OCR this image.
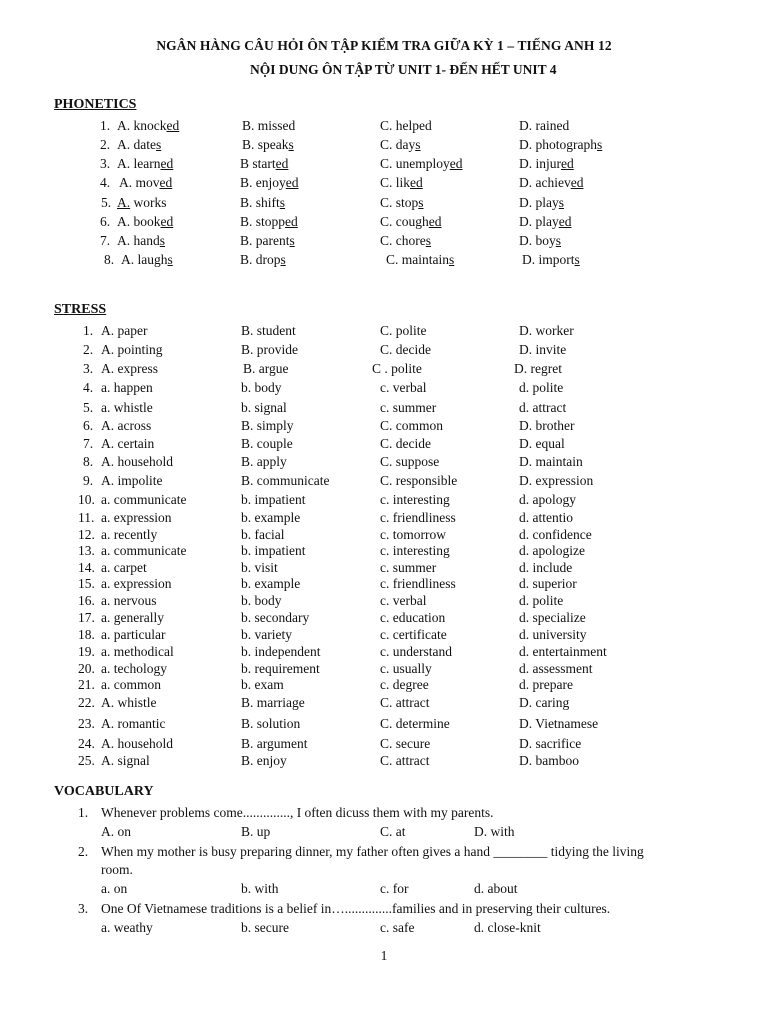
NGÂN HÀNG CÂU HỎI ÔN TẬP KIỂM TRA GIỮA KỲ 1 – TIẾNG ANH 12
NỘI DUNG ÔN TẬP TỪ UNIT 1- ĐẾN HẾT UNIT 4
PHONETICS
1. A. knocked	B. missed	C. helped	D. rained
2. A. dates	B. speaks	C. days	D. photographs
3. A. learned	B started	C. unemployed	D. injured
4. A. moved	B. enjoyed	C. liked	D. achieved
5. A. works	B. shifts	C. stops	D. plays
6. A. booked	B. stopped	C. coughed	D. played
7. A. hands	B. parents	C. chores	D. boys
8. A. laughs	B. drops	C. maintains	D. imports
STRESS
1. A. paper	B. student	C. polite	D. worker
2. A. pointing	B. provide	C. decide	D. invite
3. A. express	B. argue	C . polite	D. regret
4. a. happen	b. body	c. verbal	d. polite
5. a. whistle	b. signal	c. summer	d. attract
6. A. across	B. simply	C. common	D. brother
7. A. certain	B. couple	C. decide	D. equal
8. A. household	B. apply	C. suppose	D. maintain
9. A. impolite	B. communicate	C. responsible	D. expression
10. a. communicate	b. impatient	c. interesting	d. apology
11. a. expression	b. example	c. friendliness	d. attentio
12. a. recently	b. facial	c. tomorrow	d. confidence
13. a. communicate	b. impatient	c. interesting	d. apologize
14. a. carpet	b. visit	c. summer	d. include
15. a. expression	b. example	c. friendliness	d. superior
16. a. nervous	b. body	c. verbal	d. polite
17. a. generally	b. secondary	c. education	d. specialize
18. a. particular	b. variety	c. certificate	d. university
19. a. methodical	b. independent	c. understand	d. entertainment
20. a. techology	b. requirement	c. usually	d. assessment
21. a. common	b. exam	c. degree	d. prepare
22. A. whistle	B. marriage	C. attract	D. caring
23. A. romantic	B. solution	C. determine	D. Vietnamese
24. A. household	B. argument	C. secure	D. sacrifice
25. A. signal	B. enjoy	C. attract	D. bamboo
VOCABULARY
1. Whenever problems come.............., I often dicuss them with my parents.
A. on	B. up	C. at	D. with
2. When my mother is busy preparing dinner, my father often gives a hand ________ tidying the living
room.
a. on	b. with	c. for	d. about
3. One Of Vietnamese traditions is a belief in…..............families and in preserving their cultures.
a. weathy	b. secure	c. safe	d. close-knit
1
